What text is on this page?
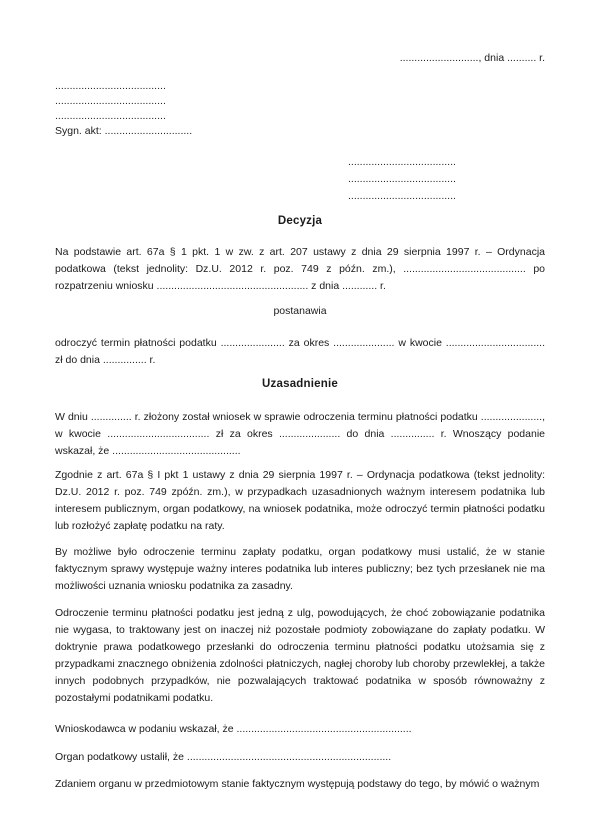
..........................., dnia .......... r.
......................................
......................................
......................................
Sygn. akt: ..............................
.....................................
.....................................
.....................................
Decyzja

Na podstawie art. 67a § 1 pkt. 1 w zw. z art. 207 ustawy z dnia 29 sierpnia 1997 r. – Ordynacja podatkowa (tekst jednolity: Dz.U. 2012 r. poz. 749 z późn. zm.), .......................................... po rozpatrzeniu wniosku .................................................... z dnia ............ r.

postanawia

odroczyć termin płatności podatku ...................... za okres ..................... w kwocie .................................. zł do dnia ............... r.

Uzasadnienie

W dniu .............. r. złożony został wniosek w sprawie odroczenia terminu płatności podatku ....................., w kwocie ................................... zł za okres ..................... do dnia ............... r. Wnoszący podanie wskazał, że ............................................

Zgodnie z art. 67a § I pkt 1 ustawy z dnia 29 sierpnia 1997 r. – Ordynacja podatkowa (tekst jednolity: Dz.U. 2012 r. poz. 749 zpóźn. zm.), w przypadkach uzasadnionych ważnym interesem podatnika lub interesem publicznym, organ podatkowy, na wniosek podatnika, może odroczyć termin płatności podatku lub rozłożyć zapłatę podatku na raty.

By możliwe było odroczenie terminu zapłaty podatku, organ podatkowy musi ustalić, że w stanie faktycznym sprawy występuje ważny interes podatnika lub interes publiczny; bez tych przesłanek nie ma możliwości uznania wniosku podatnika za zasadny.

Odroczenie terminu płatności podatku jest jedną z ulg, powodujących, że choć zobowiązanie podatnika nie wygasa, to traktowany jest on inaczej niż pozostałe podmioty zobowiązane do zapłaty podatku. W doktrynie prawa podatkowego przesłanki do odroczenia terminu płatności podatku utożsamia się z przypadkami znacznego obniżenia zdolności płatniczych, nagłej choroby lub choroby przewlekłej, a także innych podobnych przypadków, nie pozwalających traktować podatnika w sposób równoważny z pozostałymi podatnikami podatku.

Wnioskodawca w podaniu wskazał, że ............................................................

Organ podatkowy ustalił, że ......................................................................

Zdaniem organu w przedmiotowym stanie faktycznym występują podstawy do tego, by mówić o ważnym
